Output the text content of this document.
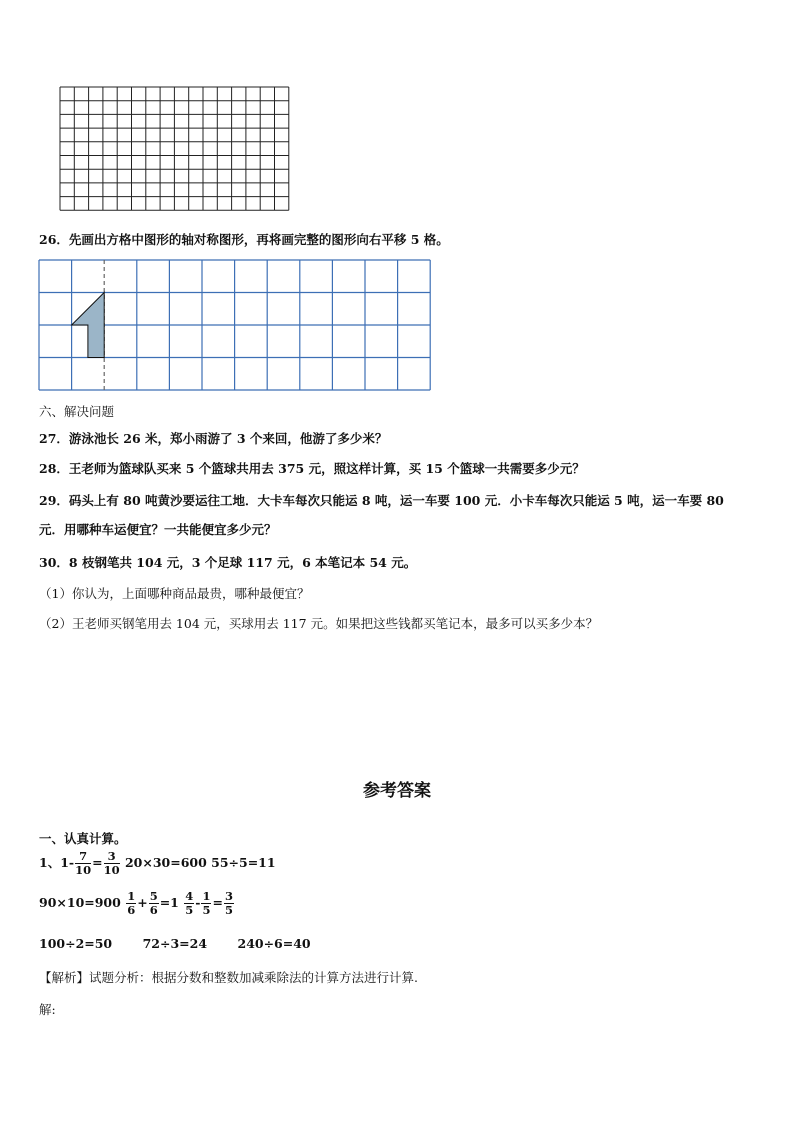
26．先画出方格中图形的轴对称图形，再将画完整的图形向右平移 5 格。
六、解决问题
27．游泳池长 26 米，郑小雨游了 3 个来回，他游了多少米？
28．王老师为篮球队买来 5 个篮球共用去 375 元，照这样计算，买 15 个篮球一共需要多少元？
29．码头上有 80 吨黄沙要运往工地．大卡车每次只能运 8 吨，运一车要 100 元．小卡车每次只能运 5 吨，运一车要 80
元．用哪种车运便宜？一共能便宜多少元？
30．8 枝钢笔共 104 元，3 个足球 117 元，6 本笔记本 54 元。
（1）你认为，上面哪种商品最贵，哪种最便宜？
（2）王老师买钢笔用去 104 元，买球用去 117 元。如果把这些钱都买笔记本，最多可以买多少本？
参考答案
一、认真计算。
1、$1- \frac{7}{10} = \frac{3}{10} 20\times 30=600$ 55÷5=11
$90\times 10=900 \frac{1}{6} + \frac{5}{6} =1 \frac{4}{5} - \frac{1}{5} = \frac{3}{5}$
100÷2=50       72÷3=24       240÷6=40
【解析】试题分析：根据分数和整数加减乘除法的计算方法进行计算.
解:
